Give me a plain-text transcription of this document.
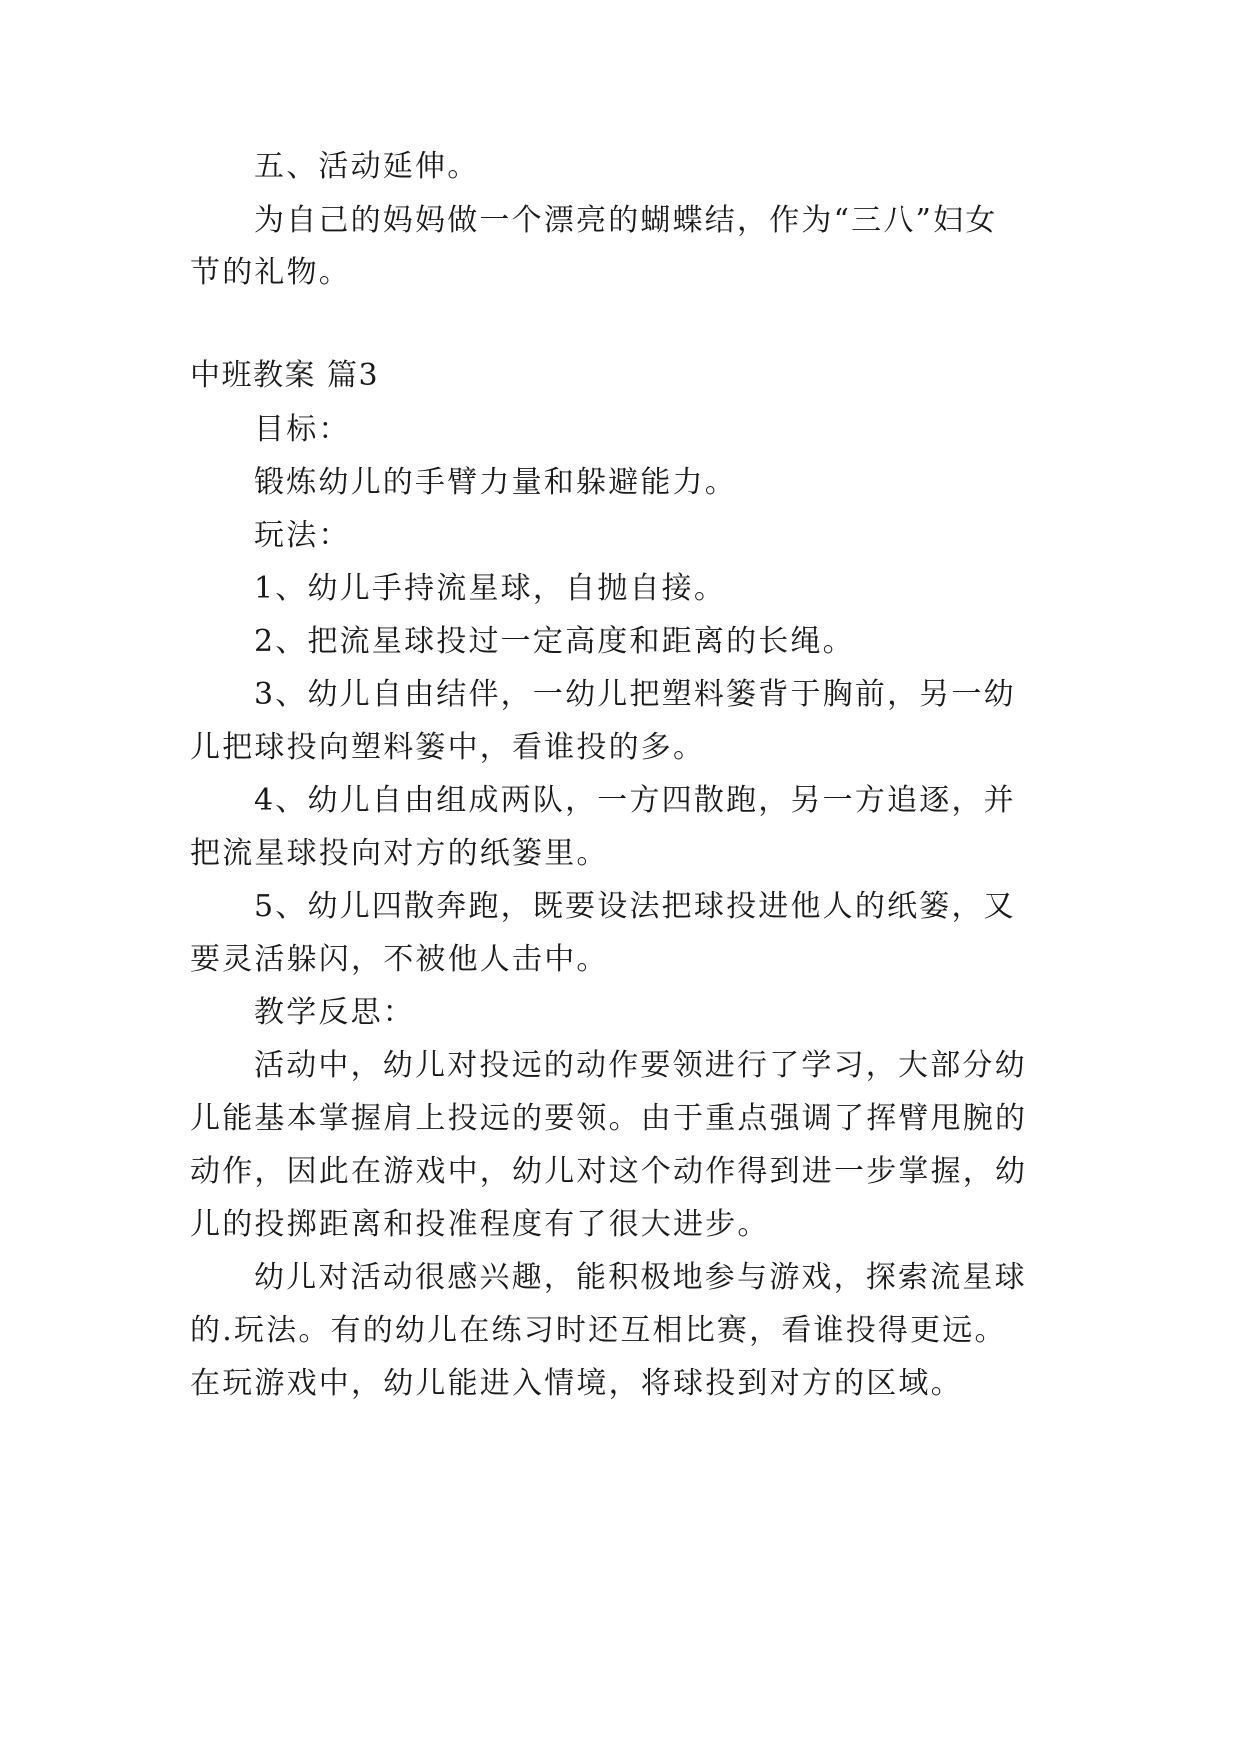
五、活动延伸。
为自己的妈妈做一个漂亮的蝴蝶结，作为“三八”妇女
节的礼物。
中班教案 篇3
目标：
锻炼幼儿的手臂力量和躲避能力。
玩法：
1、幼儿手持流星球，自抛自接。
2、把流星球投过一定高度和距离的长绳。
3、幼儿自由结伴，一幼儿把塑料篓背于胸前，另一幼
儿把球投向塑料篓中，看谁投的多。
4、幼儿自由组成两队，一方四散跑，另一方追逐，并
把流星球投向对方的纸篓里。
5、幼儿四散奔跑，既要设法把球投进他人的纸篓，又
要灵活躲闪，不被他人击中。
教学反思：
活动中，幼儿对投远的动作要领进行了学习，大部分幼
儿能基本掌握肩上投远的要领。由于重点强调了挥臂甩腕的
动作，因此在游戏中，幼儿对这个动作得到进一步掌握，幼
儿的投掷距离和投准程度有了很大进步。
幼儿对活动很感兴趣，能积极地参与游戏，探索流星球
的.玩法。有的幼儿在练习时还互相比赛，看谁投得更远。
在玩游戏中，幼儿能进入情境，将球投到对方的区域。
